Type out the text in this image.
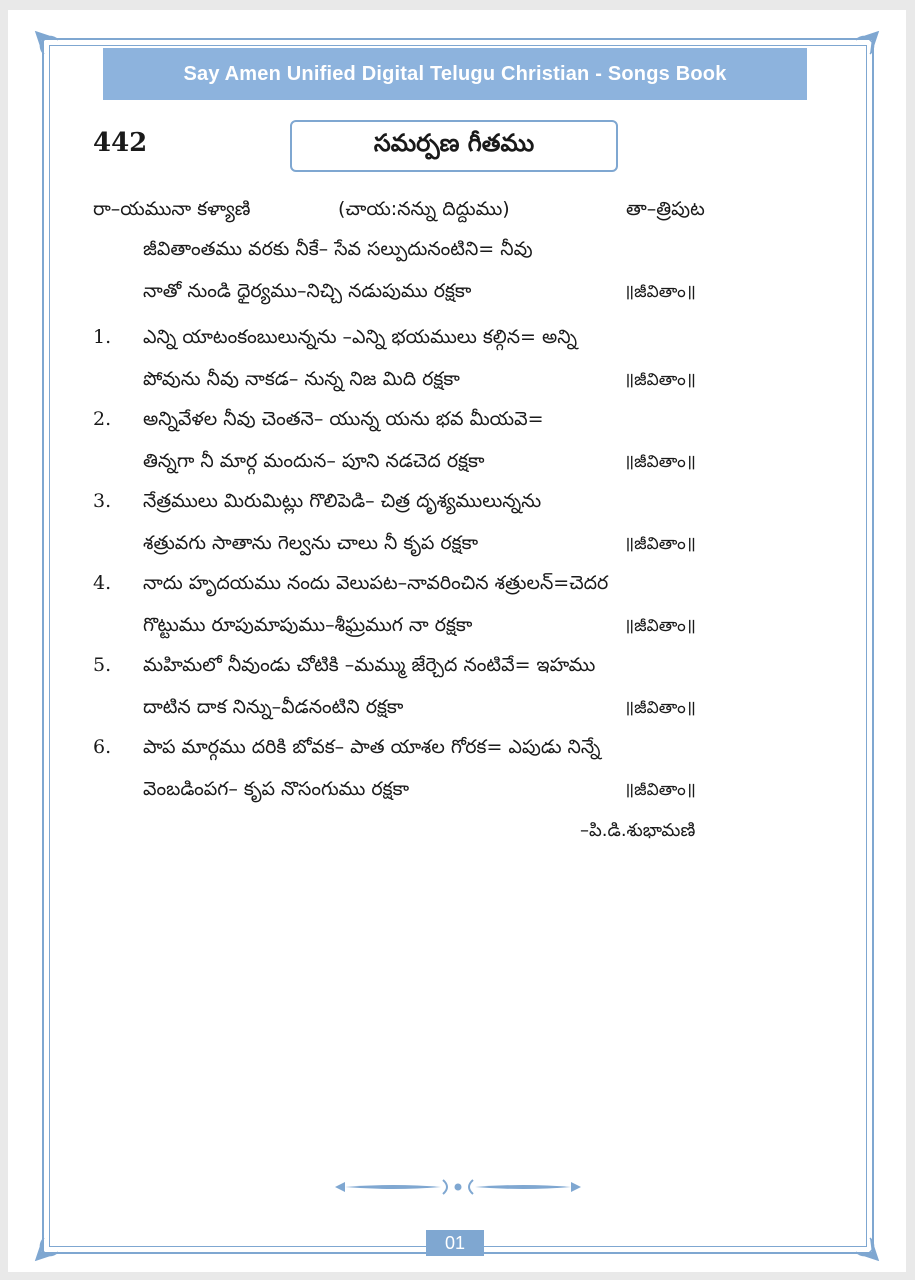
Say Amen Unified Digital Telugu Christian - Songs Book
442	సమర్పణ గీతము
రా–యమునా కళ్యాణి	(చాయ:నన్ను దిద్దుము)	తా–త్రిపుట
జీవితాంతము వరకు నీకే– సేవ సల్పుదునంటిని= నీవు
నాతో నుండి ధైర్యము–నిచ్చి నడుపుము రక్షకా	॥జీవితాం॥
1. ఎన్ని యాటంకంబులున్నను –ఎన్ని భయములు కల్గిన= అన్ని
పోవును నీవు నాకడ– నున్న నిజ మిది రక్షకా	॥జీవితాం॥
2. అన్నివేళల నీవు చెంతనె– యున్న యను భవ మీయవె=
తిన్నగా నీ మార్గ మందున– పూని నడచెద రక్షకా	॥జీవితాం॥
3. నేత్రములు మిరుమిట్లు గొలిపెడి– చిత్ర దృశ్యములున్నను
శత్రువగు సాతాను గెల్వను చాలు నీ కృప రక్షకా	॥జీవితాం॥
4. నాదు హృదయము నందు వెలుపట–నావరించిన శత్రులన్=చెదర
గొట్టుము రూపుమాపుము–శీఘ్రముగ నా రక్షకా	॥జీవితాం॥
5. మహిమలో నీవుండు చోటికి –మమ్ము జేర్చెద నంటివే= ఇహము
దాటిన దాక నిన్ను–వీడనంటిని రక్షకా	॥జీవితాం॥
6. పాప మార్గము దరికి బోవక– పాత యాశల గోరక= ఎపుడు నిన్నే
వెంబడింపగ– కృప నొసంగుము రక్షకా	॥జీవితాం॥
–పి.డి.శుభామణి
01
